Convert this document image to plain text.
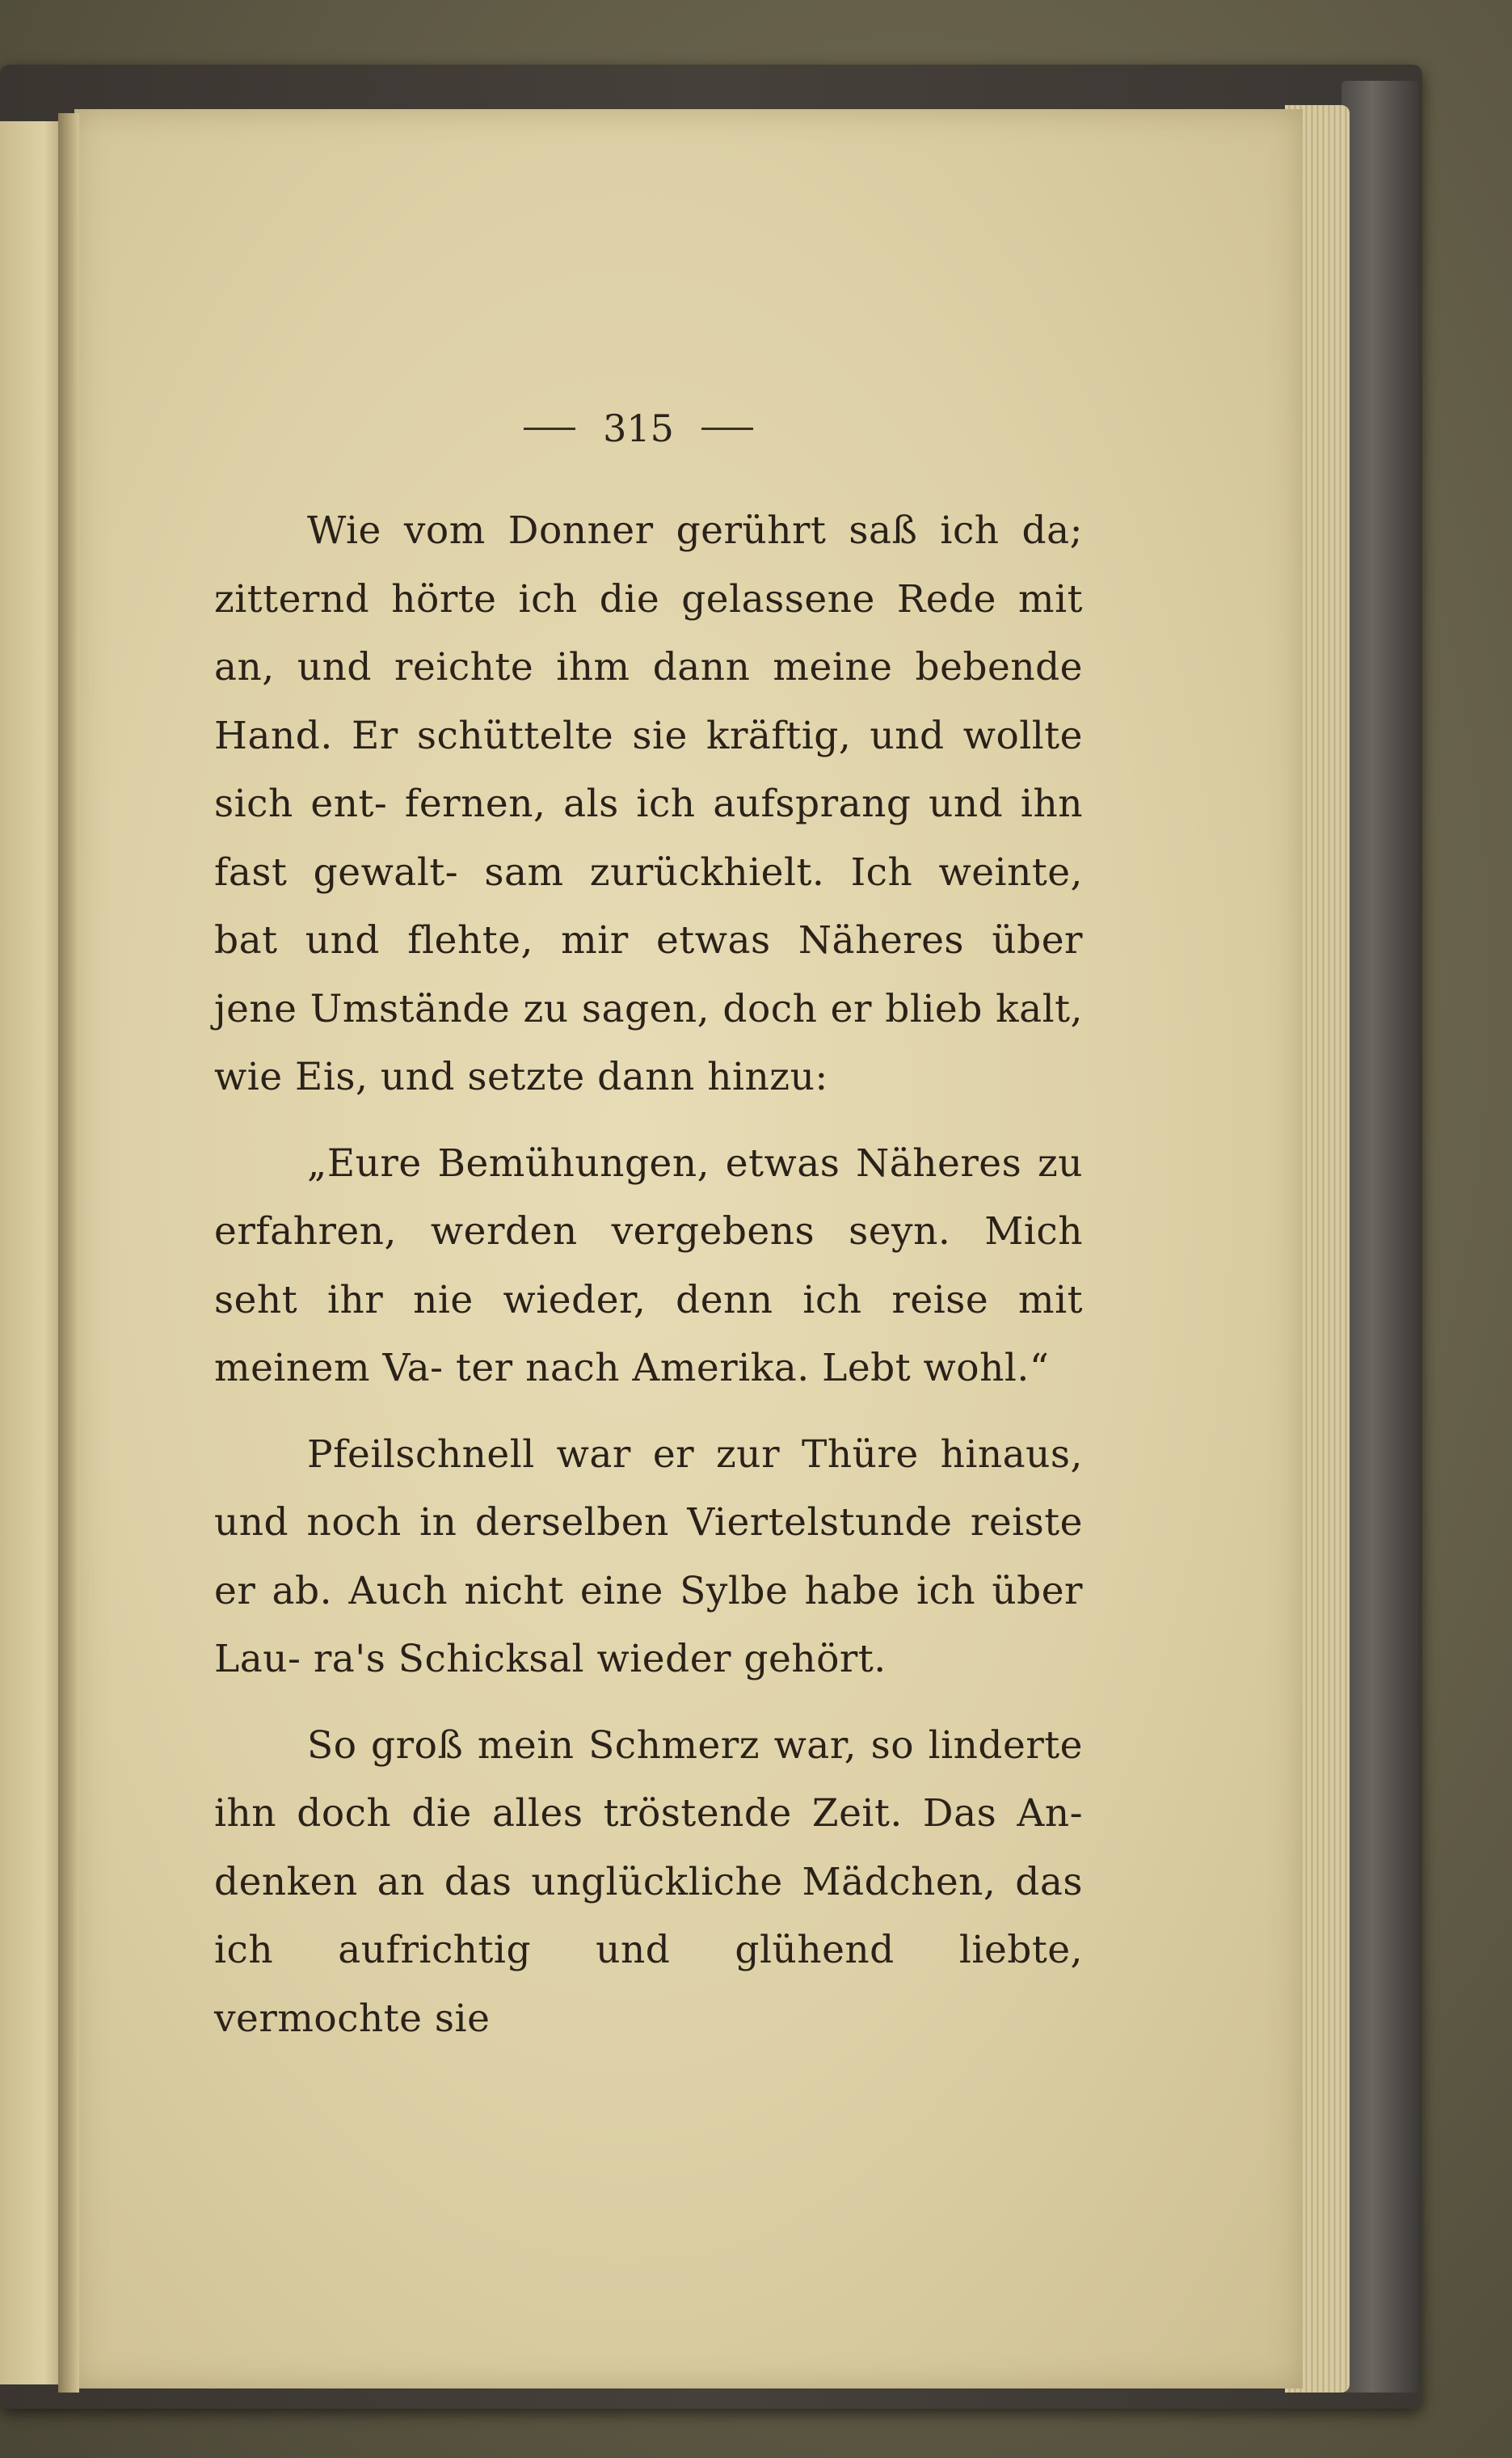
315

Wie vom Donner gerührt saß ich da; zitternd hörte ich die gelassene Rede mit an, und reichte ihm dann meine bebende Hand. Er schüttelte sie kräftig, und wollte sich ent- fernen, als ich aufsprang und ihn fast gewalt- sam zurückhielt. Ich weinte, bat und flehte, mir etwas Näheres über jene Umstände zu sagen, doch er blieb kalt, wie Eis, und setzte dann hinzu:

„Eure Bemühungen, etwas Näheres zu erfahren, werden vergebens seyn. Mich seht ihr nie wieder, denn ich reise mit meinem Va- ter nach Amerika. Lebt wohl.“

Pfeilschnell war er zur Thüre hinaus, und noch in derselben Viertelstunde reiste er ab. Auch nicht eine Sylbe habe ich über Lau- ra's Schicksal wieder gehört.

So groß mein Schmerz war, so linderte ihn doch die alles tröstende Zeit. Das An- denken an das unglückliche Mädchen, das ich aufrichtig und glühend liebte, vermochte sie
